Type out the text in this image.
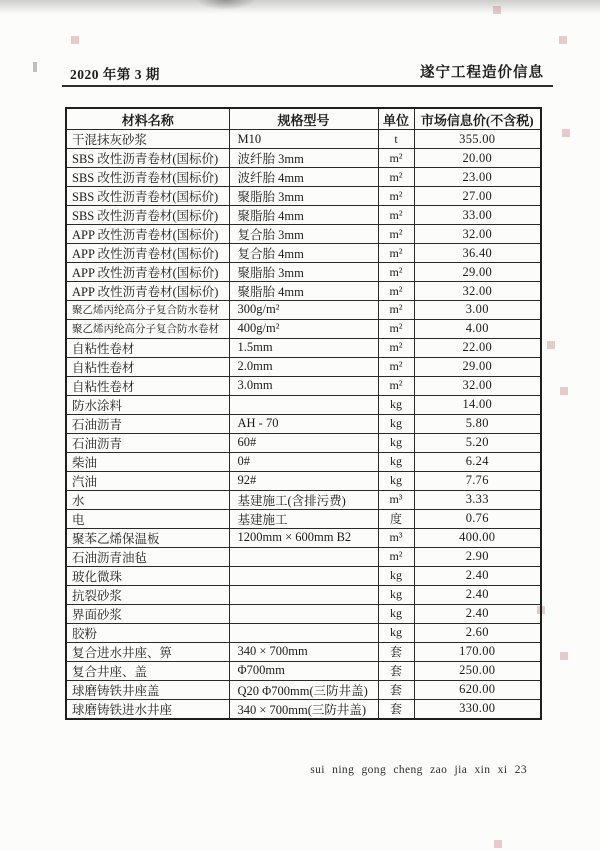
2020 年第 3 期	遂宁工程造价信息
材料名称	规格型号	单位	市场信息价(不含税)
干混抹灰砂浆	M10	t	355.00
SBS 改性沥青卷材(国标价)	波纤胎 3mm	m²	20.00
SBS 改性沥青卷材(国标价)	波纤胎 4mm	m²	23.00
SBS 改性沥青卷材(国标价)	聚脂胎 3mm	m²	27.00
SBS 改性沥青卷材(国标价)	聚脂胎 4mm	m²	33.00
APP 改性沥青卷材(国标价)	复合胎 3mm	m²	32.00
APP 改性沥青卷材(国标价)	复合胎 4mm	m²	36.40
APP 改性沥青卷材(国标价)	聚脂胎 3mm	m²	29.00
APP 改性沥青卷材(国标价)	聚脂胎 4mm	m²	32.00
聚乙烯丙纶高分子复合防水卷材	300g/m²	m²	3.00
聚乙烯丙纶高分子复合防水卷材	400g/m²	m²	4.00
自粘性卷材	1.5mm	m²	22.00
自粘性卷材	2.0mm	m²	29.00
自粘性卷材	3.0mm	m²	32.00
防水涂料		kg	14.00
石油沥青	AH - 70	kg	5.80
石油沥青	60#	kg	5.20
柴油	0#	kg	6.24
汽油	92#	kg	7.76
水	基建施工(含排污费)	m³	3.33
电	基建施工	度	0.76
聚苯乙烯保温板	1200mm × 600mm B2	m³	400.00
石油沥青油毡		m²	2.90
玻化微珠		kg	2.40
抗裂砂浆		kg	2.40
界面砂浆		kg	2.40
胶粉		kg	2.60
复合进水井座、箅	340 × 700mm	套	170.00
复合井座、盖	Φ700mm	套	250.00
球磨铸铁井座盖	Q20 Φ700mm(三防井盖)	套	620.00
球磨铸铁进水井座	340 × 700mm(三防井盖)	套	330.00
sui ning gong cheng zao jia xin xi 23
